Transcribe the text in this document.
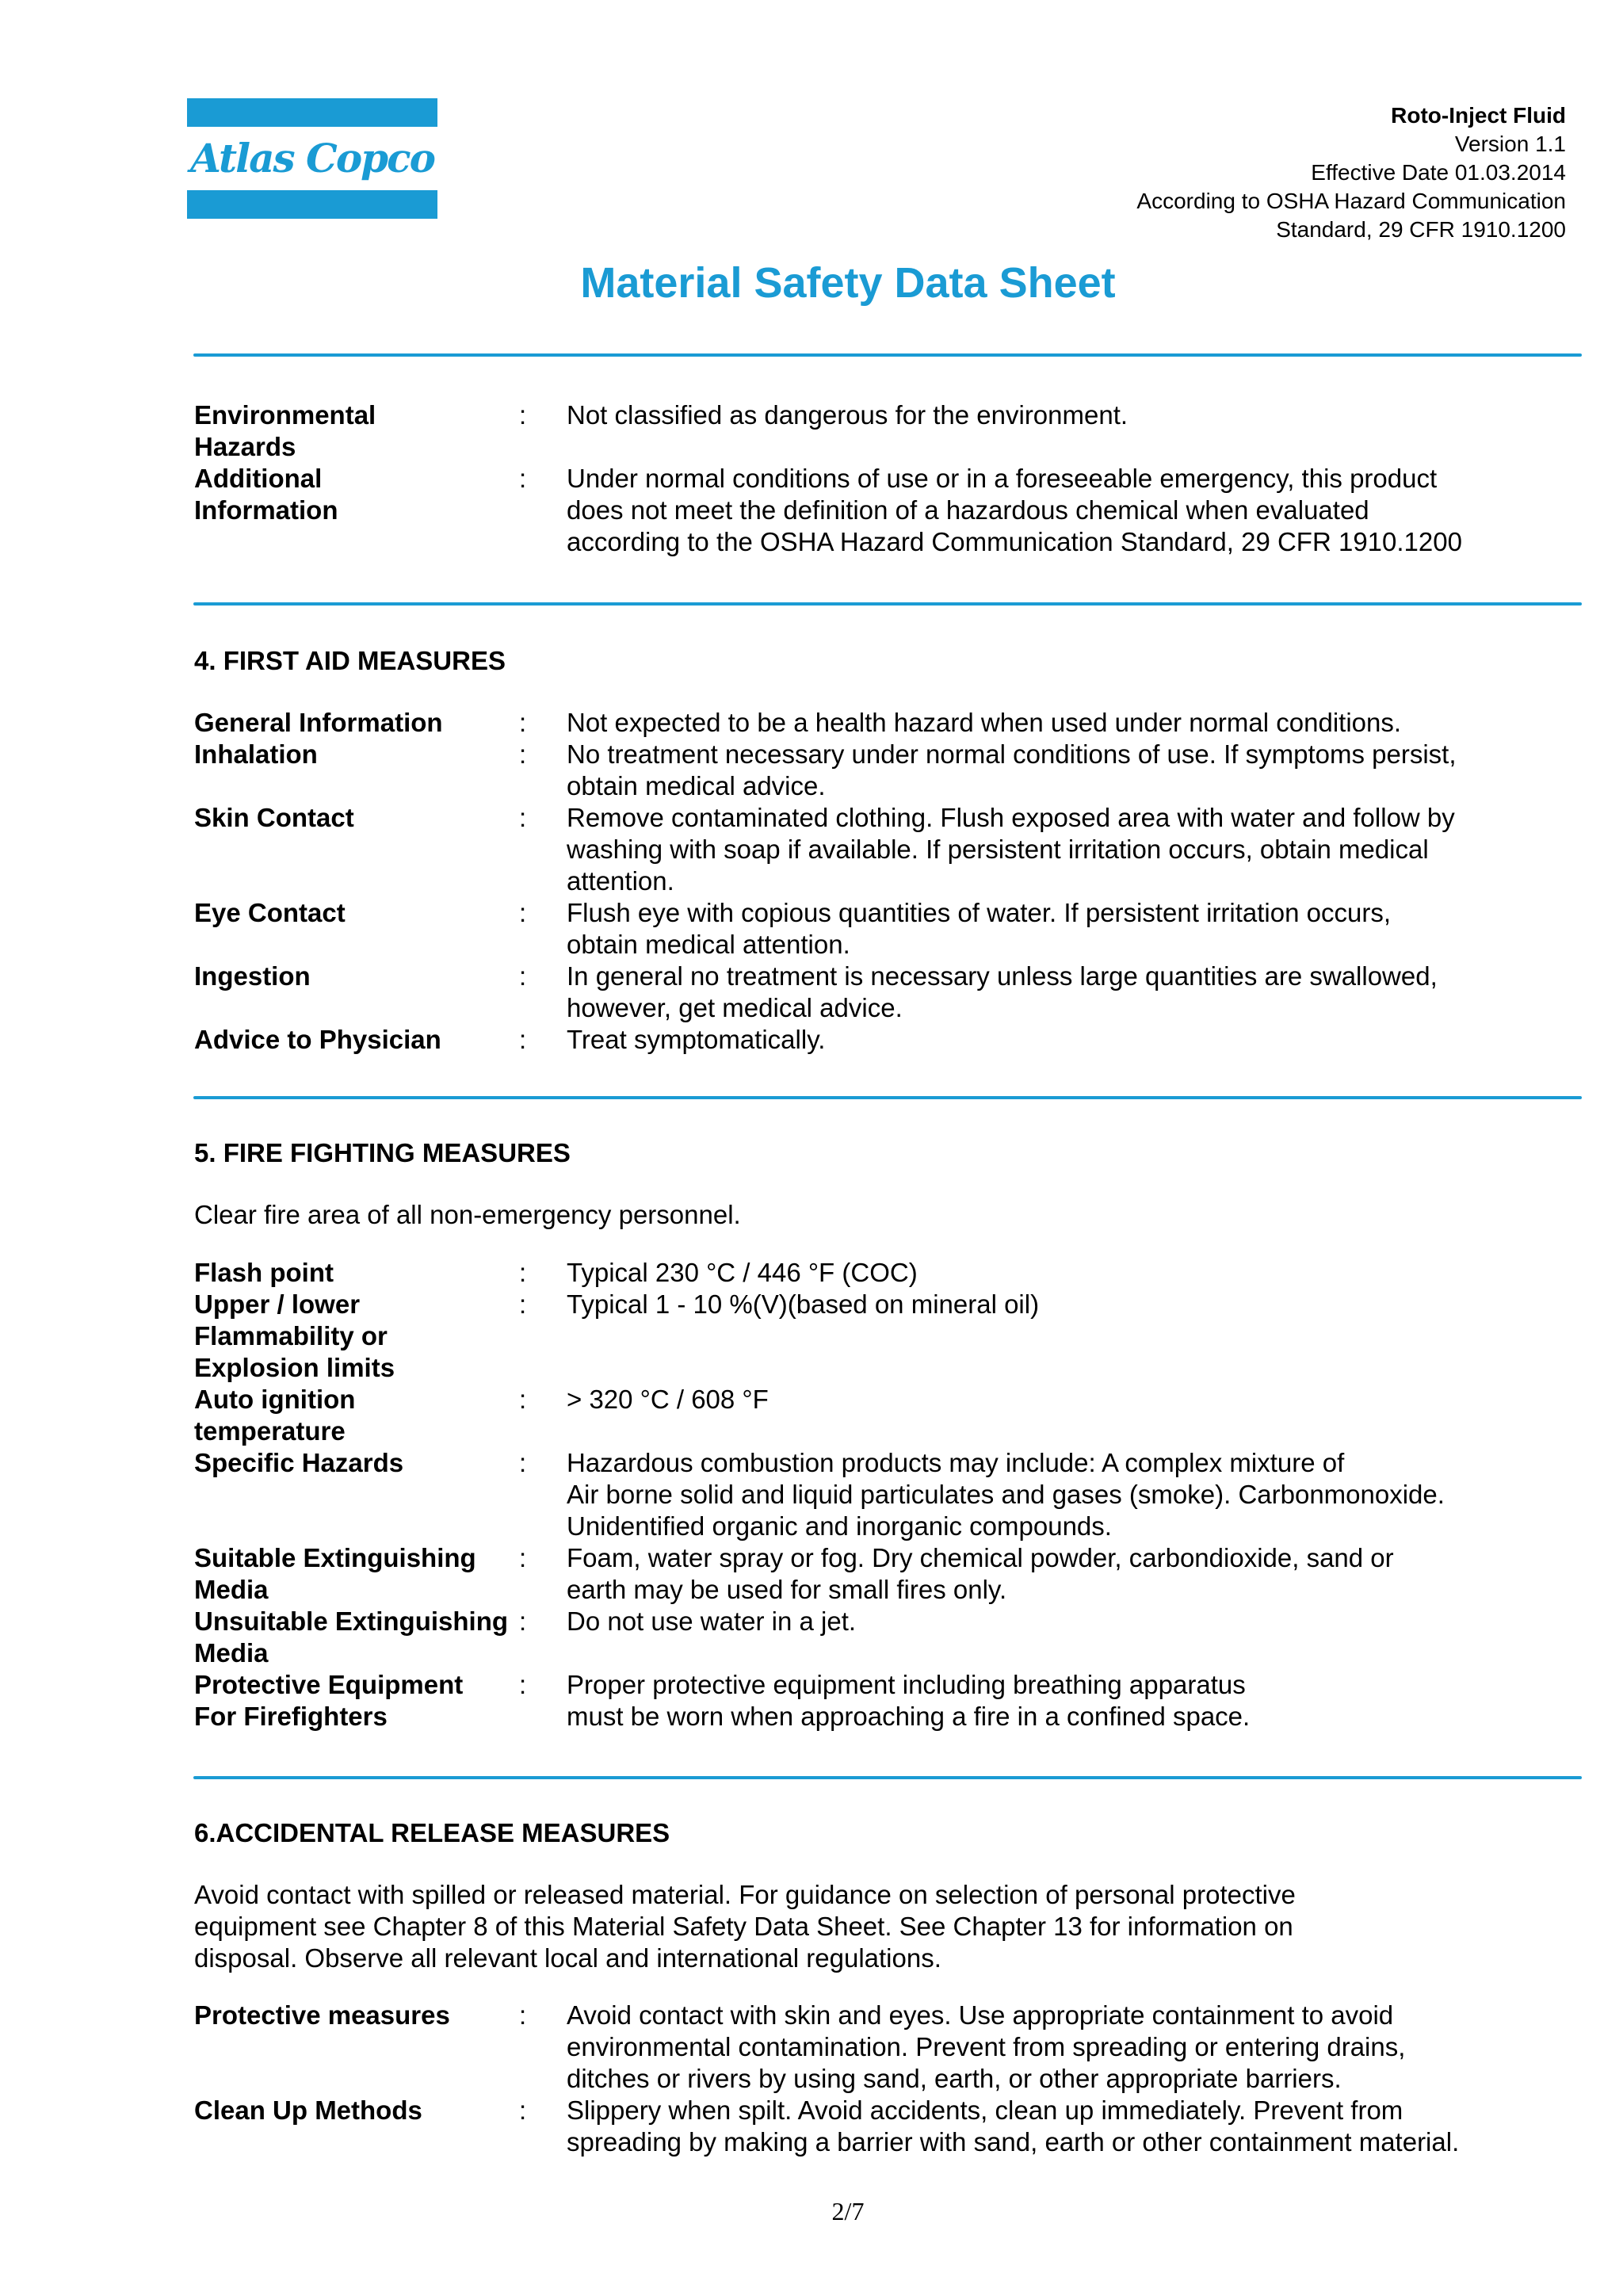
Atlas Copco
Roto-Inject Fluid
Version 1.1
Effective Date 01.03.2014
According to OSHA Hazard Communication
Standard, 29 CFR 1910.1200
Material Safety Data Sheet
Environmental
Hazards
:	Not classified as dangerous for the environment.
Additional
Information
:	Under normal conditions of use or in a foreseeable emergency, this product
does not meet the definition of a hazardous chemical when evaluated
according to the OSHA Hazard Communication Standard, 29 CFR 1910.1200

4. FIRST AID MEASURES

General Information	:	Not expected to be a health hazard when used under normal conditions.
Inhalation	:	No treatment necessary under normal conditions of use. If symptoms persist,
obtain medical advice.
Skin Contact	:	Remove contaminated clothing. Flush exposed area with water and follow by
washing with soap if available. If persistent irritation occurs, obtain medical
attention.
Eye Contact	:	Flush eye with copious quantities of water. If persistent irritation occurs,
obtain medical attention.
Ingestion	:	In general no treatment is necessary unless large quantities are swallowed,
however, get medical advice.
Advice to Physician	:	Treat symptomatically.

5. FIRE FIGHTING MEASURES

Clear fire area of all non-emergency personnel.

Flash point	:	Typical 230 °C / 446 °F (COC)
Upper / lower
Flammability or
Explosion limits
:	Typical 1 - 10 %(V)(based on mineral oil)
Auto ignition
temperature
:	> 320 °C / 608 °F
Specific Hazards	:	Hazardous combustion products may include: A complex mixture of
Air borne solid and liquid particulates and gases (smoke). Carbonmonoxide.
Unidentified organic and inorganic compounds.
Suitable Extinguishing
Media
:	Foam, water spray or fog. Dry chemical powder, carbondioxide, sand or
earth may be used for small fires only.
Unsuitable Extinguishing
Media
:	Do not use water in a jet.
Protective Equipment
For Firefighters
:	Proper protective equipment including breathing apparatus
must be worn when approaching a fire in a confined space.

6.ACCIDENTAL RELEASE MEASURES

Avoid contact with spilled or released material. For guidance on selection of personal protective
equipment see Chapter 8 of this Material Safety Data Sheet. See Chapter 13 for information on
disposal. Observe all relevant local and international regulations.

Protective measures	:	Avoid contact with skin and eyes. Use appropriate containment to avoid
environmental contamination. Prevent from spreading or entering drains,
ditches or rivers by using sand, earth, or other appropriate barriers.
Clean Up Methods	:	Slippery when spilt. Avoid accidents, clean up immediately. Prevent from
spreading by making a barrier with sand, earth or other containment material.
2/7
